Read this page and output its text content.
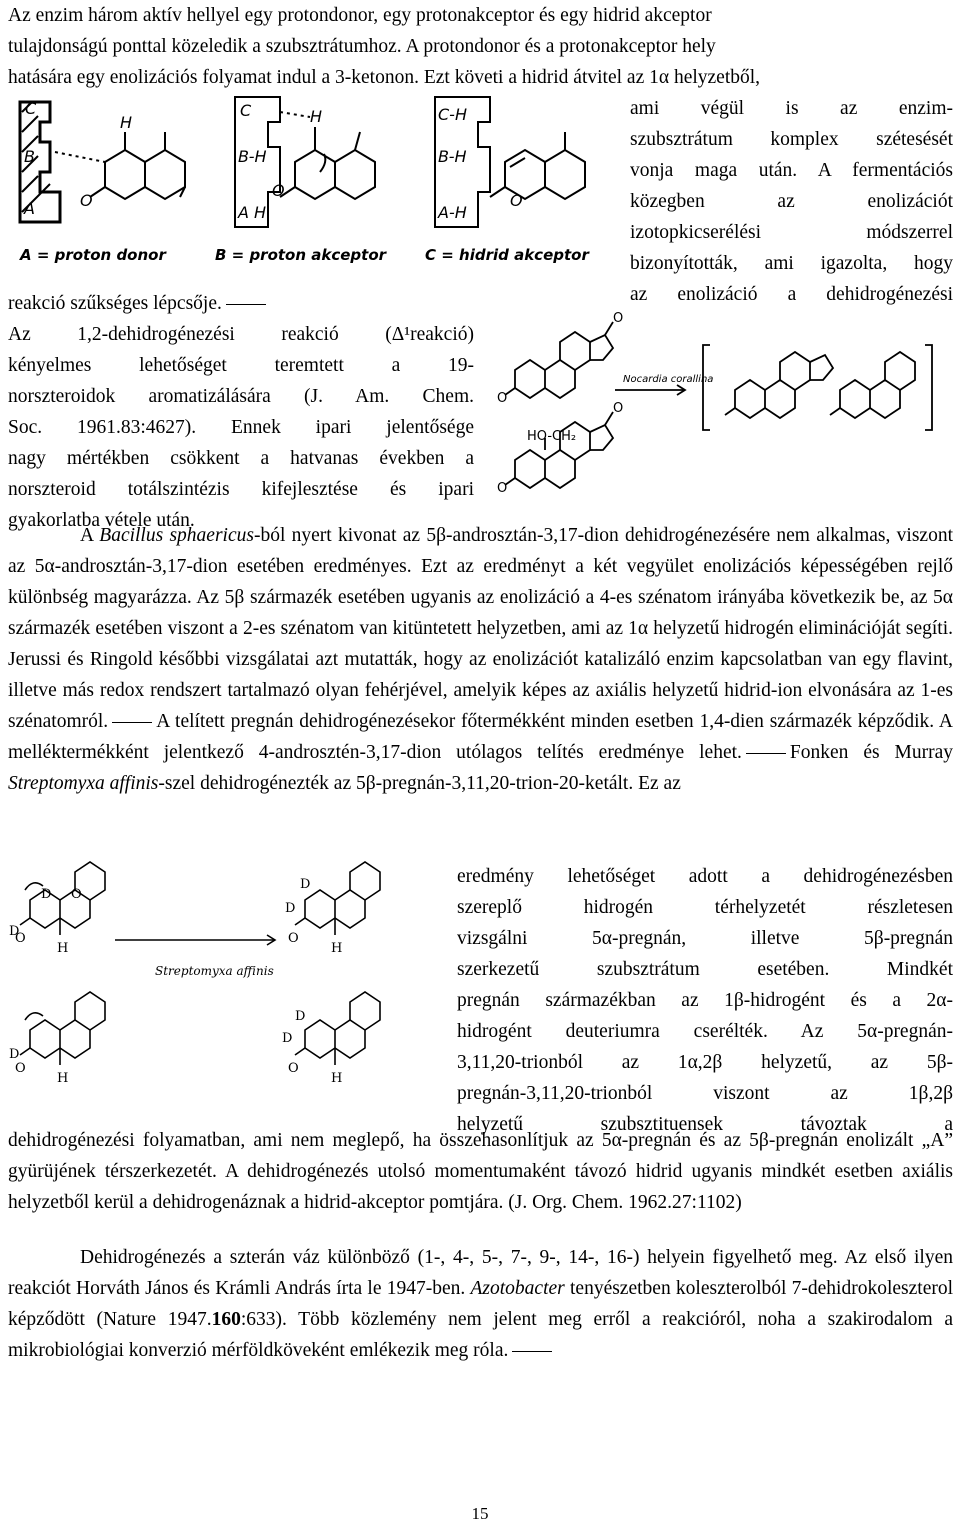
Az enzim három aktív hellyel egy protondonor, egy protonakceptor és egy hidrid akceptor
tulajdonságú ponttal közeledik a szubsztrátumhoz. A protondonor és a protonakceptor hely
hatására egy enolizációs folyamat indul a 3-ketonon. Ezt követi a hidrid átvitel az 1α helyzetből,
ami végül is az enzim-
szubsztrátum komplex szétesését
vonja maga után. A fermentációs
közegben az enolizációt
izotopkicserélési módszerrel
bizonyították, ami igazolta, hogy
az enolizáció a dehidrogénezési
C
B
A
H
O
C	H
B-H
A H
O
C-H
B-H
A-H
O
A = proton donor	B = proton akceptor	C = hidrid akceptor
reakció szűkséges lépcsője.
Az 1,2-dehidrogénezési reakció (Δ¹reakció)
kényelmes lehetőséget teremtett a 19-
norszteroidok aromatizálására (J. Am. Chem.
Soc. 1961.83:4627). Ennek ipari jelentősége
nagy mértékben csökkent a hatvanas években a
norszteroid totálszintézis kifejlesztése és ipari
gyakorlatba vétele után.
O
O
O
O
HO-CH₂
Nocardia corallina
A Bacillus sphaericus-ból nyert kivonat az 5β-androsztán-3,17-dion dehidrogénezésére nem alkalmas, viszont az 5α-androsztán-3,17-dion esetében eredményes. Ezt az eredményt a két vegyület enolizációs képességében rejlő különbség magyarázza. Az 5β származék esetében ugyanis az enolizáció a 4-es szénatom irányába következik be, az 5α származék esetében viszont a 2-es szénatom van kitüntetett helyzetben, ami az 1α helyzetű hidrogén eliminációját segíti. Jerussi és Ringold későbbi vizsgálatai azt mutatták, hogy az enolizációt katalizáló enzim kapcsolatban van egy flavint, illetve más redox rendszert tartalmazó olyan fehérjével, amelyik képes az axiális helyzetű hidrid-ion elvonására az 1-es szénatomról. A telített pregnán dehidrogénezésekor főtermékként minden esetben 1,4-dien származék képződik. A melléktermékként jelentkező 4-androsztén-3,17-dion utólagos telítés eredménye lehet. Fonken és Murray Streptomyxa affinis-szel dehidrogénezték az 5β-pregnán-3,11,20-trion-20-ketált. Ez az
D O
D
O
H
D
D
O
H
D
O
H
D
D
O
H
Streptomyxa affinis
eredmény lehetőséget adott a dehidrogénezésben
szereplő hidrogén térhelyzetét részletesen
vizsgálni 5α-pregnán, illetve 5β-pregnán
szerkezetű szubsztrátum esetében. Mindkét
pregnán származékban az 1β-hidrogént és a 2α-
hidrogént deuteriumra cserélték. Az 5α-pregnán-
3,11,20-trionból az 1α,2β helyzetű, az 5β-
pregnán-3,11,20-trionból viszont az 1β,2β
helyzetű szubsztituensek távoztak a
dehidrogénezési folyamatban, ami nem meglepő, ha összehasonlítjuk az 5α-pregnán és az 5β-pregnán enolizált „A” gyürüjének térszerkezetét. A dehidrogénezés utolsó momentumaként távozó hidrid ugyanis mindkét esetben axiális helyzetből kerül a dehidrogenáznak a hidrid-akceptor pomtjára. (J. Org. Chem. 1962.27:1102)
Dehidrogénezés a szterán váz különböző (1-, 4-, 5-, 7-, 9-, 14-, 16-) helyein figyelhető meg. Az első ilyen reakciót Horváth János és Krámli András írta le 1947-ben. Azotobacter tenyészetben koleszterolból 7-dehidrokoleszterol képződött (Nature 1947.160:633). Több közlemény nem jelent meg erről a reakcióról, noha a szakirodalom a mikrobiológiai konverzió mérföldköveként emlékezik meg róla.
15
